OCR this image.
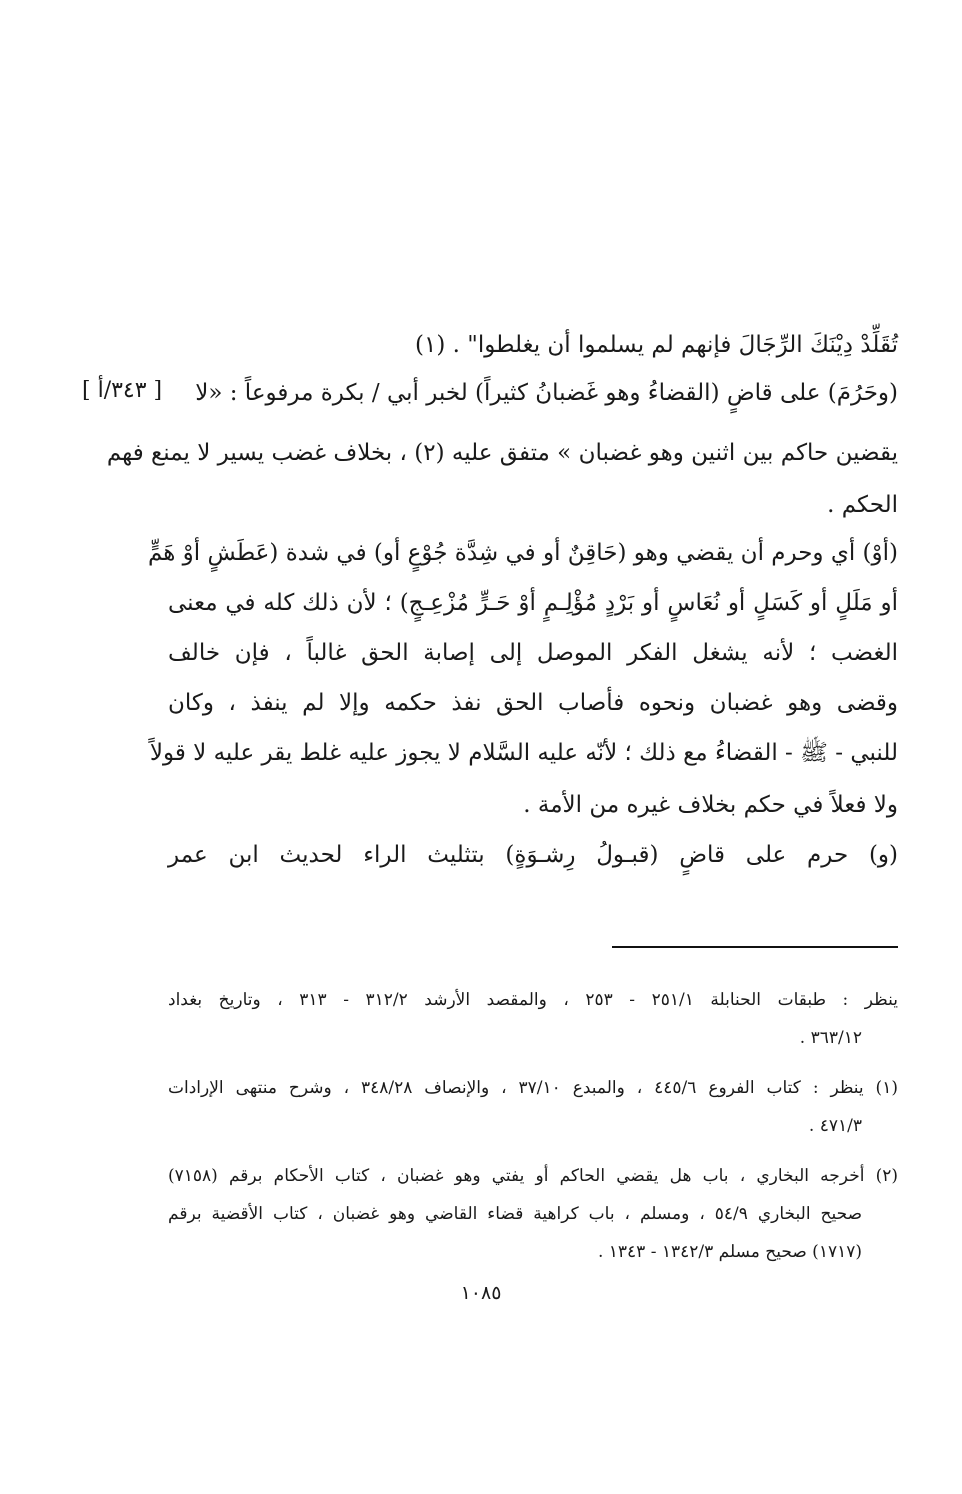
تُقَلِّدْ دِيْنَكَ الرِّجَالَ فإنهم لم يسلموا أن يغلطوا" . (١)
(وحَرُمَ) على قاضٍ (القضاءُ وهو غَضبانُ كثيراً) لخبر أبي / بكرة مرفوعاً : «لا
[ ٣٤٣/أ ]
يقضين حاكم بين اثنين وهو غضبان » متفق عليه (٢) ، بخلاف غضب يسير لا يمنع فهم
الحكم .
(أوْ) أي وحرم أن يقضي وهو (حَاقِنٌ أو في شِدَّة جُوْعٍ أو) في شدة (عَطَشٍ أوْ هَمٍّ
أو مَلَلٍ أو كَسَلٍ أو نُعَاسٍ أو بَرْدٍ مُؤْلِـمٍ أوْ حَـرٍّ مُزْعِـجٍ) ؛ لأن ذلك كله في معنى
الغضب ؛ لأنه يشغل الفكر الموصل إلى إصابة الحق غالباً ، فإن خالف
وقضى وهو غضبان ونحوه فأصاب الحق نفذ حكمه وإلا لم ينفذ ، وكان
للنبي - ﷺ - القضاءُ مع ذلك ؛ لأنّه عليه السَّلام لا يجوز عليه غلط يقر عليه لا قولاً
ولا فعلاً في حكم بخلاف غيره من الأمة .
(و) حرم على قاضٍ (قبـولُ رِشـوَةٍ) بتثليث الراء لحديث ابن عمر
ينظر : طبقات الحنابلة ٢٥١/١ - ٢٥٣ ، والمقصد الأرشد ٣١٢/٢ - ٣١٣ ، وتاريخ بغداد
٣٦٣/١٢ .
(١) ينظر : كتاب الفروع ٤٤٥/٦ ، والمبدع ٣٧/١٠ ، والإنصاف ٣٤٨/٢٨ ، وشرح منتهى الإرادات
٤٧١/٣ .
(٢) أخرجه البخاري ، باب هل يقضي الحاكم أو يفتي وهو غضبان ، كتاب الأحكام برقم (٧١٥٨)
صحيح البخاري ٥٤/٩ ، ومسلم ، باب كراهية قضاء القاضي وهو غضبان ، كتاب الأقضية برقم
(١٧١٧) صحيح مسلم ١٣٤٢/٣ - ١٣٤٣ .
١٠٨٥
